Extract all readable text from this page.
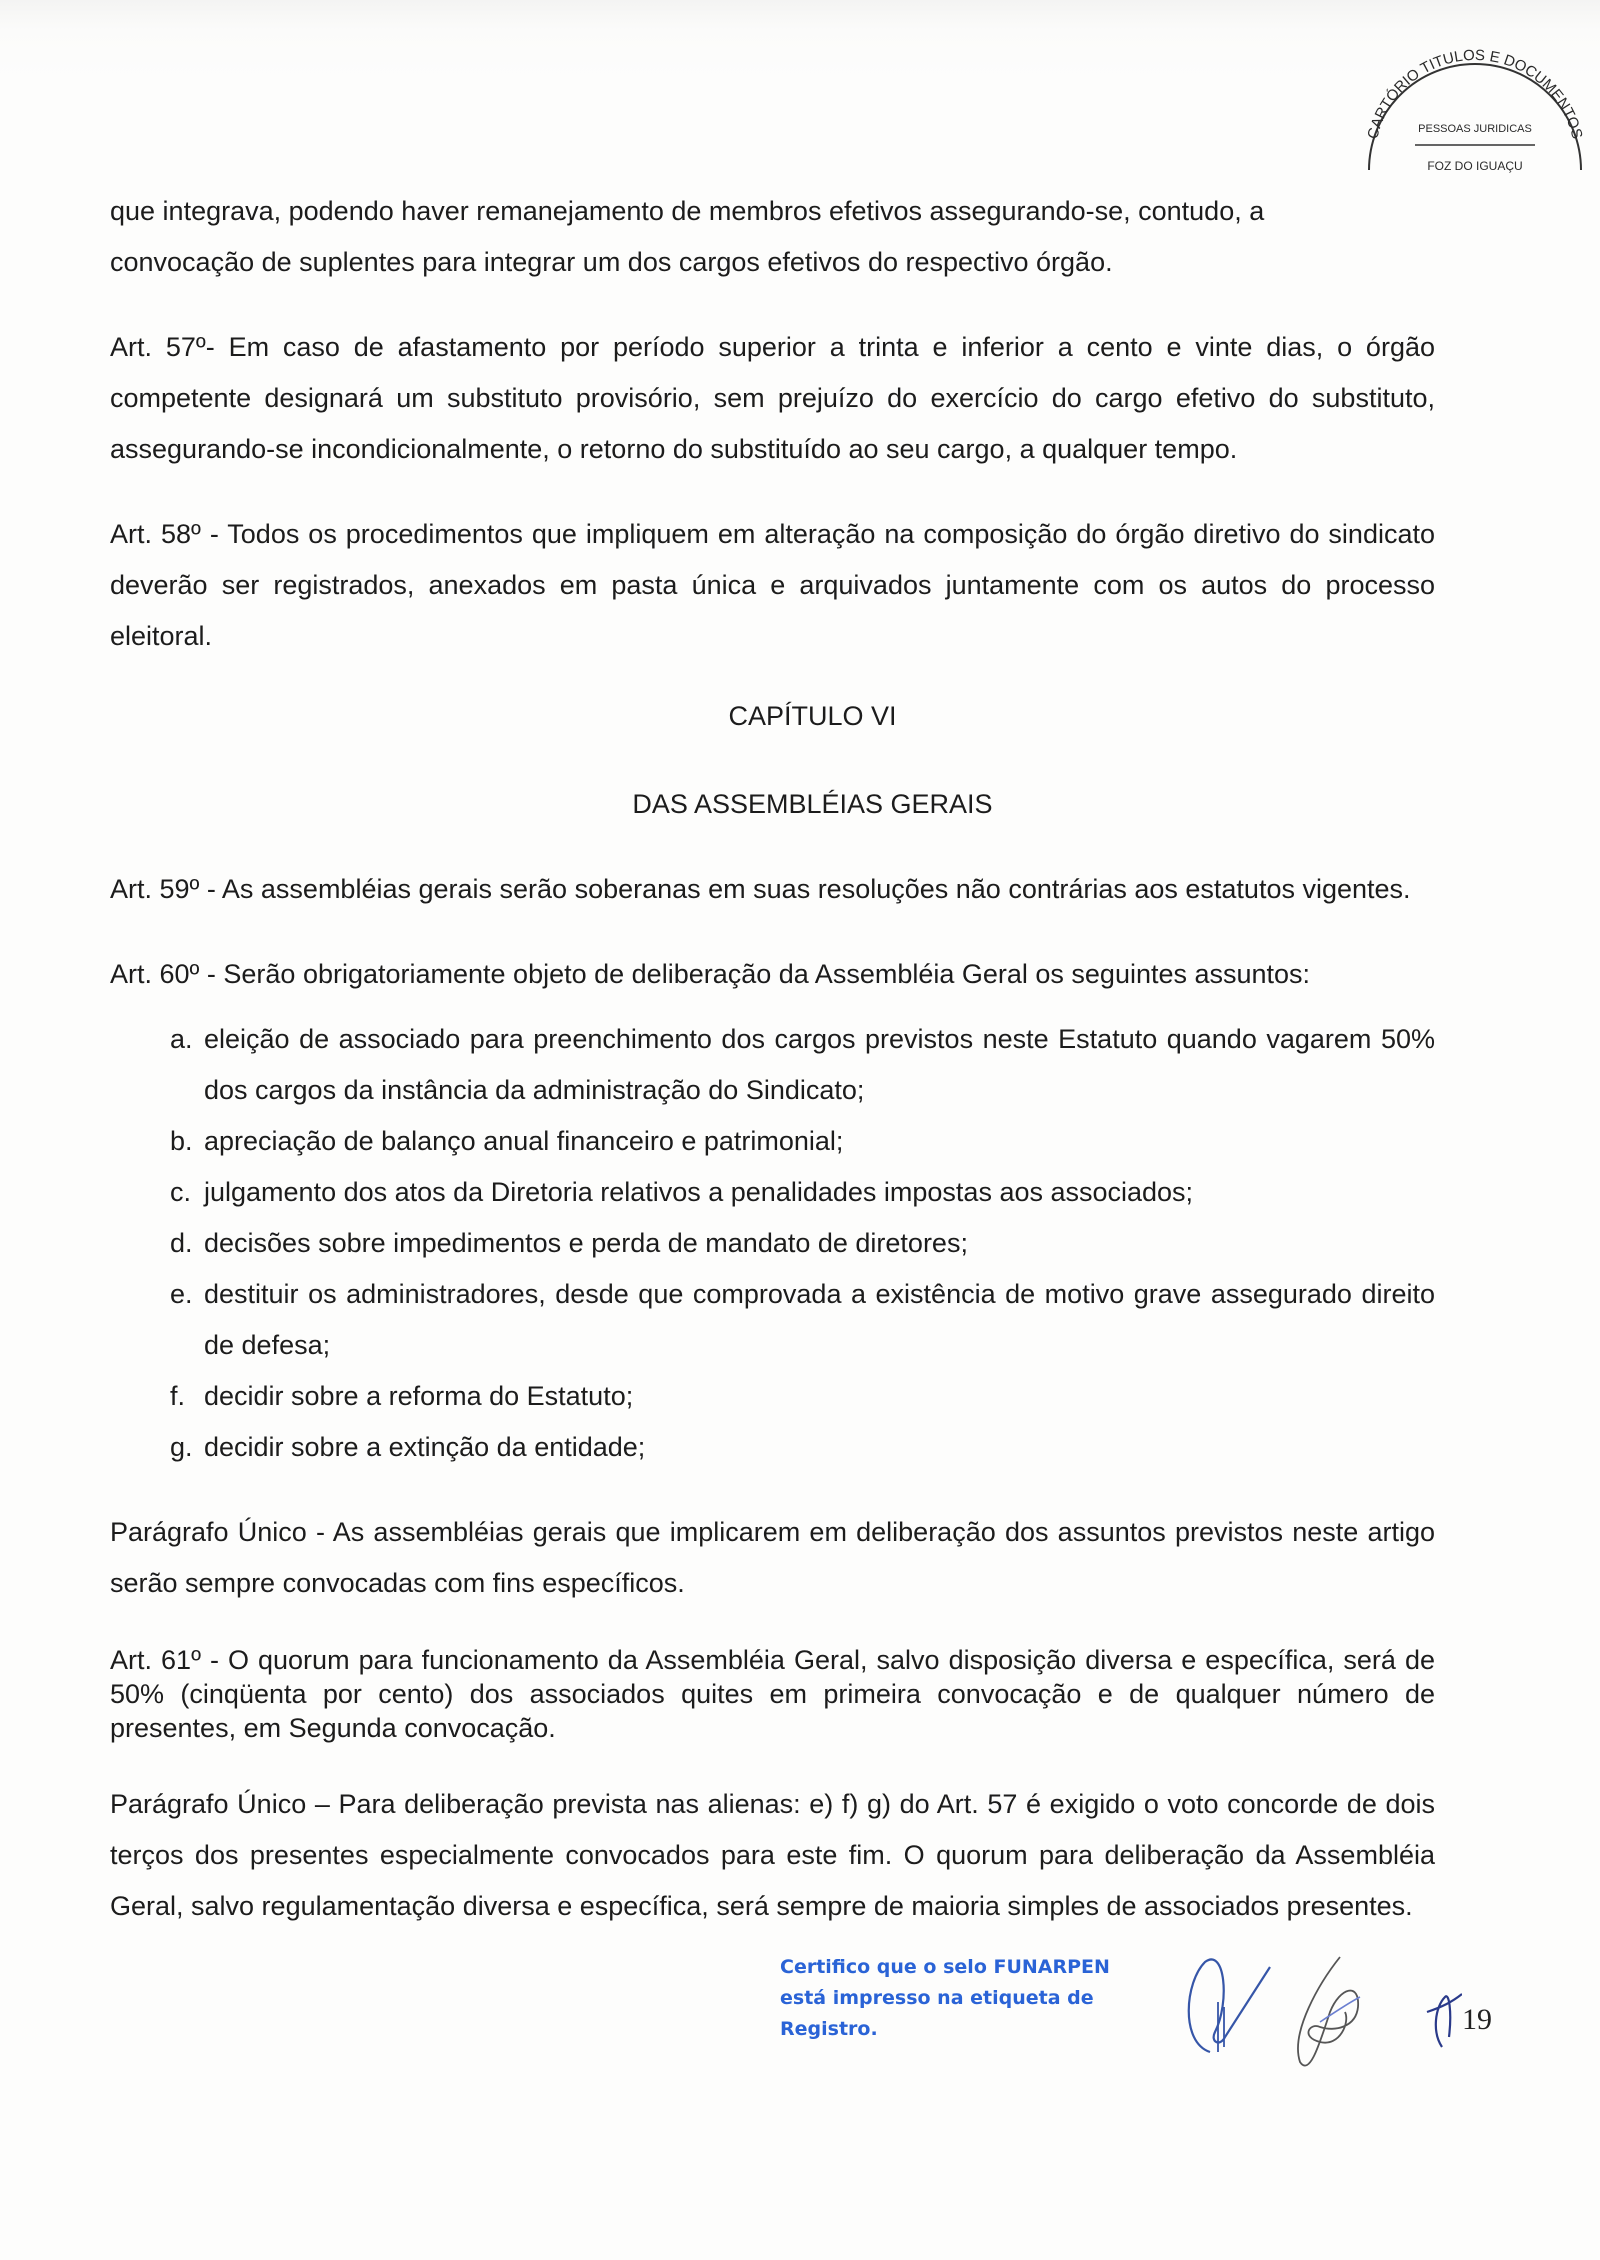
CARTÓRIO TITULOS E DOCUMENTOS
PESSOAS JURIDICAS
FOZ DO IGUAÇU
que integrava, podendo haver remanejamento de membros efetivos assegurando-se, contudo, a
convocação de suplentes para integrar um dos cargos efetivos do respectivo órgão.

Art. 57º- Em caso de afastamento por período superior a trinta e inferior a cento e vinte dias, o órgão competente designará um substituto provisório, sem prejuízo do exercício do cargo efetivo do substituto, assegurando-se incondicionalmente, o retorno do substituído ao seu cargo, a qualquer tempo.

Art. 58º - Todos os procedimentos que impliquem em alteração na composição do órgão diretivo do sindicato deverão ser registrados, anexados em pasta única e arquivados juntamente com os autos do processo eleitoral.

CAPÍTULO VI
DAS ASSEMBLÉIAS GERAIS

Art. 59º - As assembléias gerais serão soberanas em suas resoluções não contrárias aos estatutos vigentes.

Art. 60º - Serão obrigatoriamente objeto de deliberação da Assembléia Geral os seguintes assuntos:

a. eleição de associado para preenchimento dos cargos previstos neste Estatuto quando vagarem 50% dos cargos da instância da administração do Sindicato;
b. apreciação de balanço anual financeiro e patrimonial;
c. julgamento dos atos da Diretoria relativos a penalidades impostas aos associados;
d. decisões sobre impedimentos e perda de mandato de diretores;
e. destituir os administradores, desde que comprovada a existência de motivo grave assegurado direito de defesa;
f. decidir sobre a reforma do Estatuto;
g. decidir sobre a extinção da entidade;

Parágrafo Único - As assembléias gerais que implicarem em deliberação dos assuntos previstos neste artigo serão sempre convocadas com fins específicos.

Art. 61º - O quorum para funcionamento da Assembléia Geral, salvo disposição diversa e específica, será de 50% (cinqüenta por cento) dos associados quites em primeira convocação e de qualquer número de presentes, em Segunda convocação.

Parágrafo Único – Para deliberação prevista nas alienas: e) f) g) do Art. 57 é exigido o voto concorde de dois terços dos presentes especialmente convocados para este fim. O quorum para deliberação da Assembléia Geral, salvo regulamentação diversa e específica, será sempre de maioria simples de associados presentes.

Certifico que o selo FUNARPEN
está impresso na etiqueta de
Registro.	19
